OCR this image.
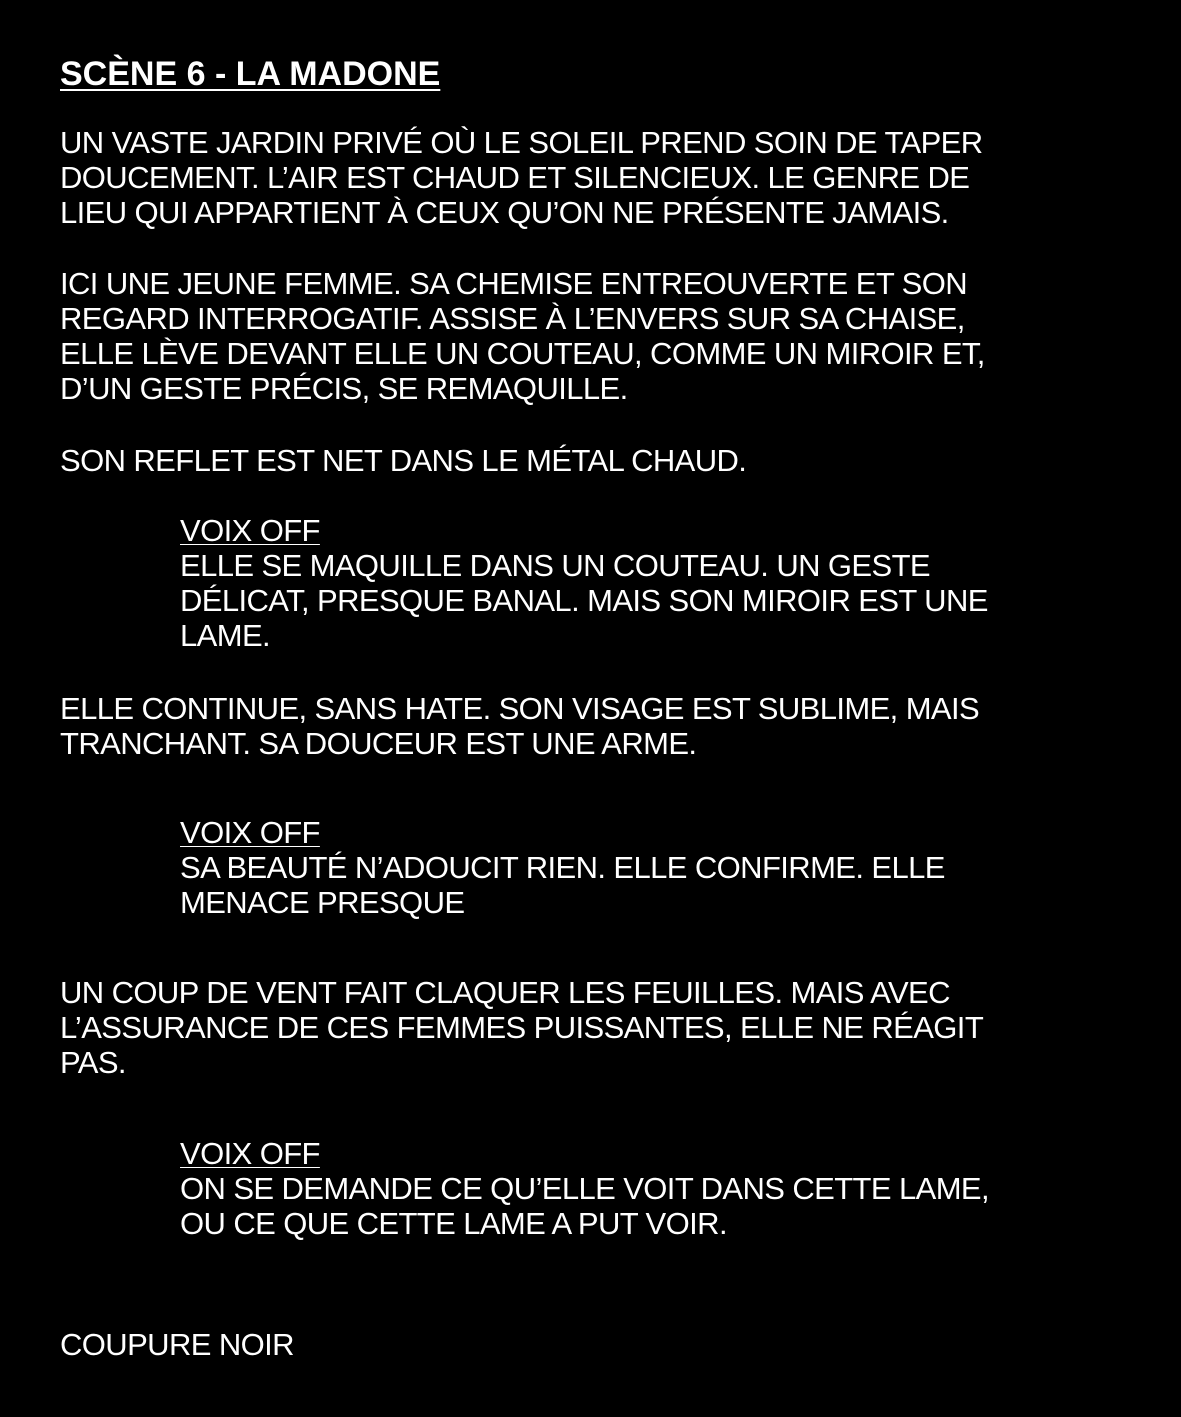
SCÈNE 6 - LA MADONE
UN VASTE JARDIN PRIVÉ OÙ LE SOLEIL PREND SOIN DE TAPER
DOUCEMENT. L’AIR EST CHAUD ET SILENCIEUX. LE GENRE DE
LIEU QUI APPARTIENT À CEUX QU’ON NE PRÉSENTE JAMAIS.
ICI UNE JEUNE FEMME. SA CHEMISE ENTREOUVERTE ET SON
REGARD INTERROGATIF. ASSISE À L’ENVERS SUR SA CHAISE,
ELLE LÈVE DEVANT ELLE UN COUTEAU, COMME UN MIROIR ET,
D’UN GESTE PRÉCIS, SE REMAQUILLE.
SON REFLET EST NET DANS LE MÉTAL CHAUD.
VOIX OFF
ELLE SE MAQUILLE DANS UN COUTEAU. UN GESTE
DÉLICAT, PRESQUE BANAL. MAIS SON MIROIR EST UNE
LAME.
ELLE CONTINUE, SANS HATE. SON VISAGE EST SUBLIME, MAIS
TRANCHANT. SA DOUCEUR EST UNE ARME.
VOIX OFF
SA BEAUTÉ N’ADOUCIT RIEN. ELLE CONFIRME. ELLE
MENACE PRESQUE
UN COUP DE VENT FAIT CLAQUER LES FEUILLES. MAIS AVEC
L’ASSURANCE DE CES FEMMES PUISSANTES, ELLE NE RÉAGIT
PAS.
VOIX OFF
ON SE DEMANDE CE QU’ELLE VOIT DANS CETTE LAME,
OU CE QUE CETTE LAME A PUT VOIR.
COUPURE NOIR
